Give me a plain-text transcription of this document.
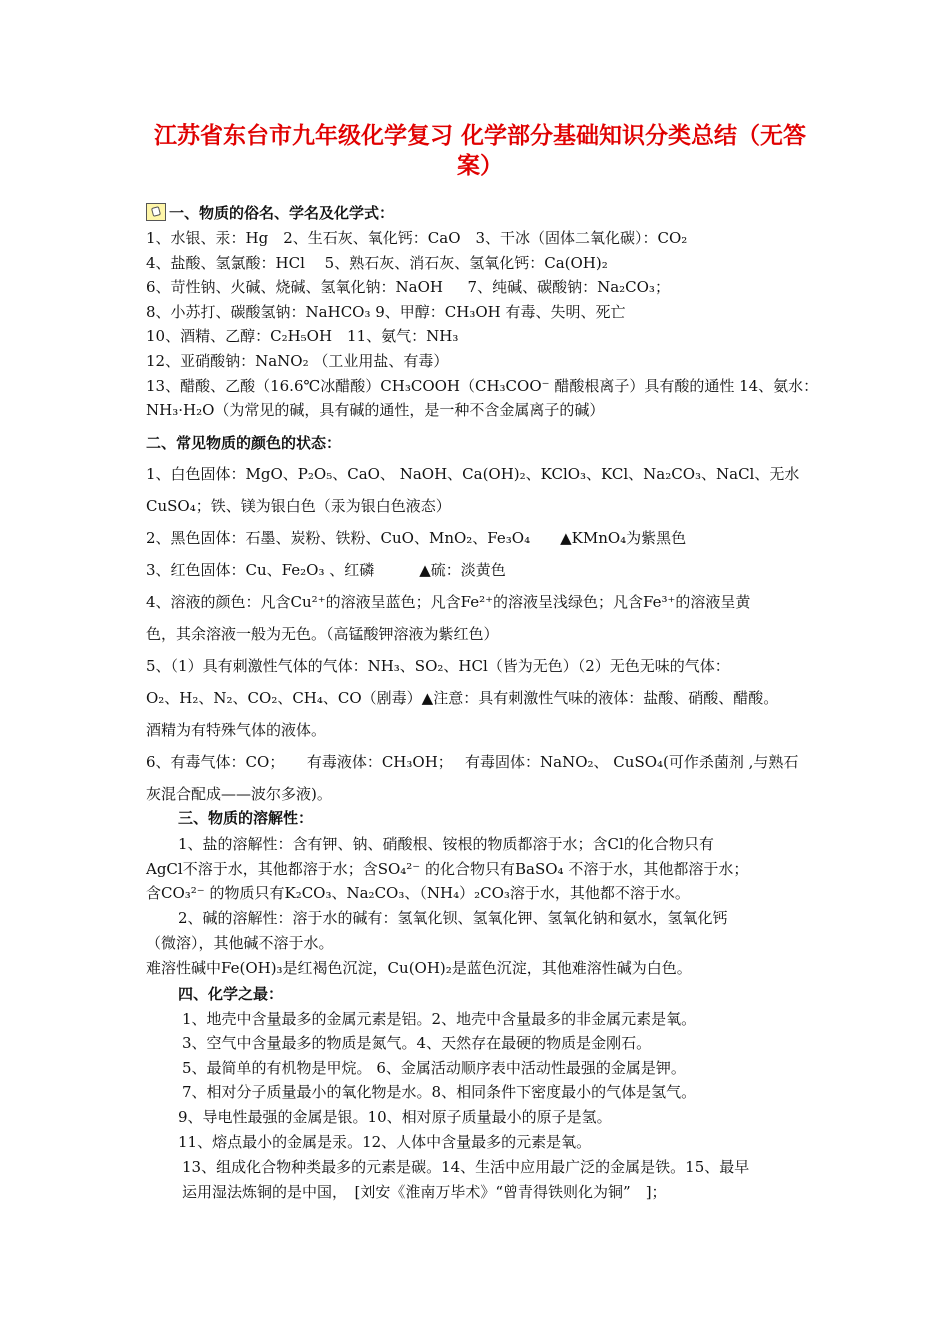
江苏省东台市九年级化学复习 化学部分基础知识分类总结（无答案）
一、物质的俗名、学名及化学式：
1、水银、汞：Hg　2、生石灰、氧化钙：CaO　3、干冰（固体二氧化碳）：CO₂
4、盐酸、氢氯酸：HCl　 5、熟石灰、消石灰、氢氧化钙：Ca(OH)₂
6、苛性钠、火碱、烧碱、氢氧化钠：NaOH 　 7、纯碱、碳酸钠：Na₂CO₃；
8、小苏打、碳酸氢钠：NaHCO₃ 9、甲醇：CH₃OH 有毒、失明、死亡
10、酒精、乙醇：C₂H₅OH　11、氨气：NH₃
12、亚硝酸钠：NaNO₂ （工业用盐、有毒）
13、醋酸、乙酸（16.6℃冰醋酸）CH₃COOH（CH₃COO⁻ 醋酸根离子）具有酸的通性 14、氨水：
NH₃·H₂O（为常见的碱，具有碱的通性，是一种不含金属离子的碱）
二、常见物质的颜色的状态：
1、白色固体：MgO、P₂O₅、CaO、 NaOH、Ca(OH)₂、KClO₃、KCl、Na₂CO₃、NaCl、无水
CuSO₄；铁、镁为银白色（汞为银白色液态）
2、黑色固体：石墨、炭粉、铁粉、CuO、MnO₂、Fe₃O₄　　▲KMnO₄为紫黑色
3、红色固体：Cu、Fe₂O₃ 、红磷　　　▲硫：淡黄色
4、溶液的颜色：凡含Cu²⁺的溶液呈蓝色；凡含Fe²⁺的溶液呈浅绿色；凡含Fe³⁺的溶液呈黄
色，其余溶液一般为无色。（高锰酸钾溶液为紫红色）
5、（1）具有刺激性气体的气体：NH₃、SO₂、HCl（皆为无色）（2）无色无味的气体：
O₂、H₂、N₂、CO₂、CH₄、CO（剧毒）▲注意：具有刺激性气味的液体：盐酸、硝酸、醋酸。
酒精为有特殊气体的液体。
6、有毒气体：CO；　　有毒液体：CH₃OH；　 有毒固体：NaNO₂、 CuSO₄(可作杀菌剂 ,与熟石
灰混合配成——波尔多液)。
三、物质的溶解性：
1、盐的溶解性：含有钾、钠、硝酸根、铵根的物质都溶于水；含Cl的化合物只有
AgCl不溶于水，其他都溶于水；含SO₄²⁻ 的化合物只有BaSO₄ 不溶于水，其他都溶于水；
含CO₃²⁻ 的物质只有K₂CO₃、Na₂CO₃、（NH₄）₂CO₃溶于水，其他都不溶于水。
2、碱的溶解性：溶于水的碱有：氢氧化钡、氢氧化钾、氢氧化钠和氨水，氢氧化钙
（微溶），其他碱不溶于水。
难溶性碱中Fe(OH)₃是红褐色沉淀，Cu(OH)₂是蓝色沉淀，其他难溶性碱为白色。
四、化学之最：
1、地壳中含量最多的金属元素是铝。2、地壳中含量最多的非金属元素是氧。
3、空气中含量最多的物质是氮气。4、天然存在最硬的物质是金刚石。
5、最简单的有机物是甲烷。 6、金属活动顺序表中活动性最强的金属是钾。
7、相对分子质量最小的氧化物是水。8、相同条件下密度最小的气体是氢气。
9、导电性最强的金属是银。10、相对原子质量最小的原子是氢。
11、熔点最小的金属是汞。12、人体中含量最多的元素是氧。
13、组成化合物种类最多的元素是碳。14、生活中应用最广泛的金属是铁。15、最早
运用湿法炼铜的是中国，　[刘安《淮南万毕术》“曾青得铁则化为铜”　]；
